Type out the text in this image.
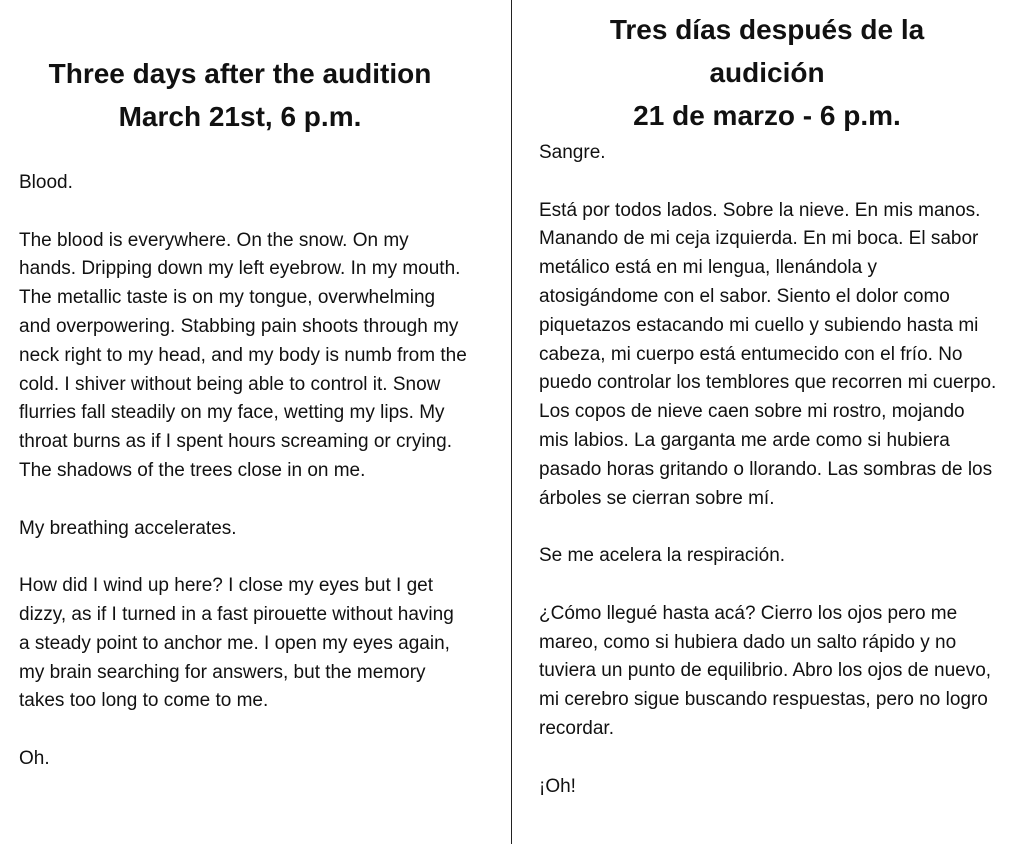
Three days after the audition
March 21st, 6 p.m.

Blood.

The blood is everywhere. On the snow. On my hands. Dripping down my left eyebrow. In my mouth. The metallic taste is on my tongue, overwhelming and overpowering. Stabbing pain shoots through my neck right to my head, and my body is numb from the cold. I shiver without being able to control it. Snow flurries fall steadily on my face, wetting my lips. My throat burns as if I spent hours screaming or crying. The shadows of the trees close in on me.

My breathing accelerates.

How did I wind up here? I close my eyes but I get dizzy, as if I turned in a fast pirouette without having a steady point to anchor me. I open my eyes again, my brain searching for answers, but the memory takes too long to come to me.

Oh.

Tres días después de la
audición
21 de marzo - 6 p.m.

Sangre.

Está por todos lados. Sobre la nieve. En mis manos. Manando de mi ceja izquierda. En mi boca. El sabor metálico está en mi lengua, llenándola y atosigándome con el sabor. Siento el dolor como piquetazos estacando mi cuello y subiendo hasta mi cabeza, mi cuerpo está entumecido con el frío. No puedo controlar los temblores que recorren mi cuerpo. Los copos de nieve caen sobre mi rostro, mojando mis labios. La garganta me arde como si hubiera pasado horas gritando o llorando. Las sombras de los árboles se cierran sobre mí.

Se me acelera la respiración.

¿Cómo llegué hasta acá? Cierro los ojos pero me mareo, como si hubiera dado un salto rápido y no tuviera un punto de equilibrio. Abro los ojos de nuevo, mi cerebro sigue buscando respuestas, pero no logro recordar.

¡Oh!
